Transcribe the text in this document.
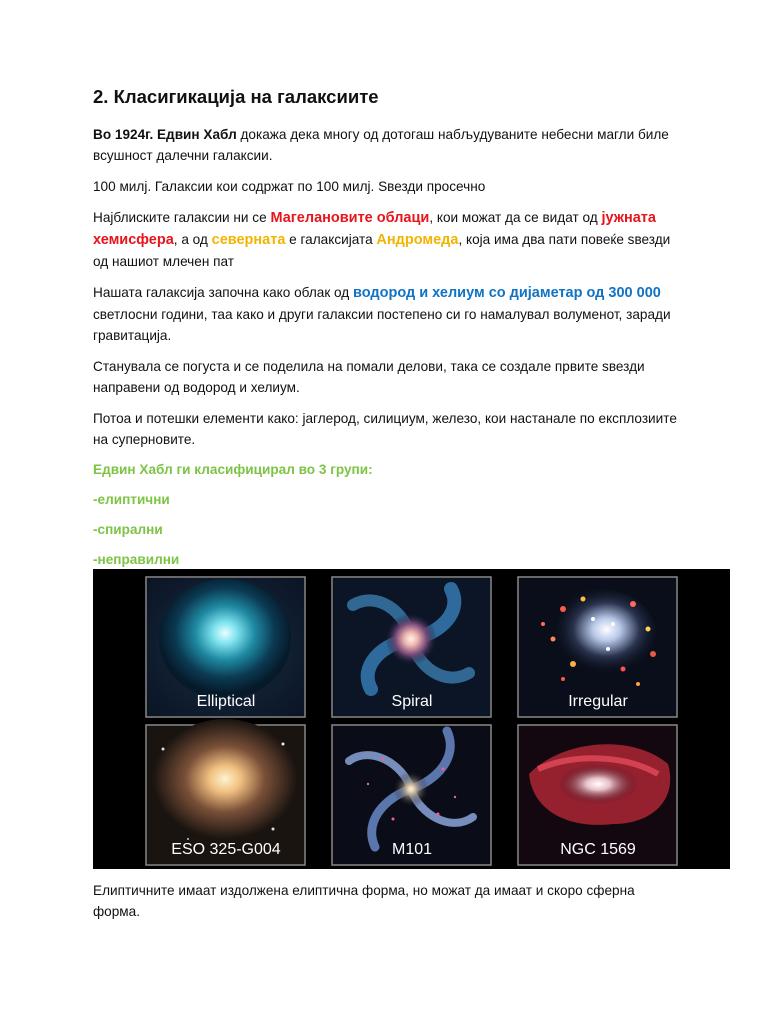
2. Класигикација на галаксиите

Во 1924г. Едвин Хабл докажа дека многу од дотогаш набљудуваните небесни магли биле всушност далечни галаксии.

100 милј. Галаксии кои содржат по 100 милј. Ѕвезди просечно

Најблиските галаксии ни се Магелановите облаци, кои можат да се видат од јужната хемисфера, а од северната е галаксијата Андромеда, која има два пати повеќе ѕвезди од нашиот млечен пат

Нашата галаксија започна како облак од водород и хелиум со дијаметар од 300 000 светлосни години, таа како и други галаксии постепено си го намалувал волуменот, заради гравитација.

Станувала се погуста и се поделила на помали делови, така се создале првите ѕвезди направени од водород и хелиум.

Потоа и потешки елементи како: јаглерод, силициум, железо, кои настанале по експлозиите на суперновите.

Едвин Хабл ги класифицирал во 3 групи:

-елиптични

-спирални

-неправилни

Elliptical	Spiral	Irregular
ESO 325-G004	M101	NGC 1569

Елиптичните имаат издолжена елиптична форма, но можат да имаат и скоро сферна форма.
